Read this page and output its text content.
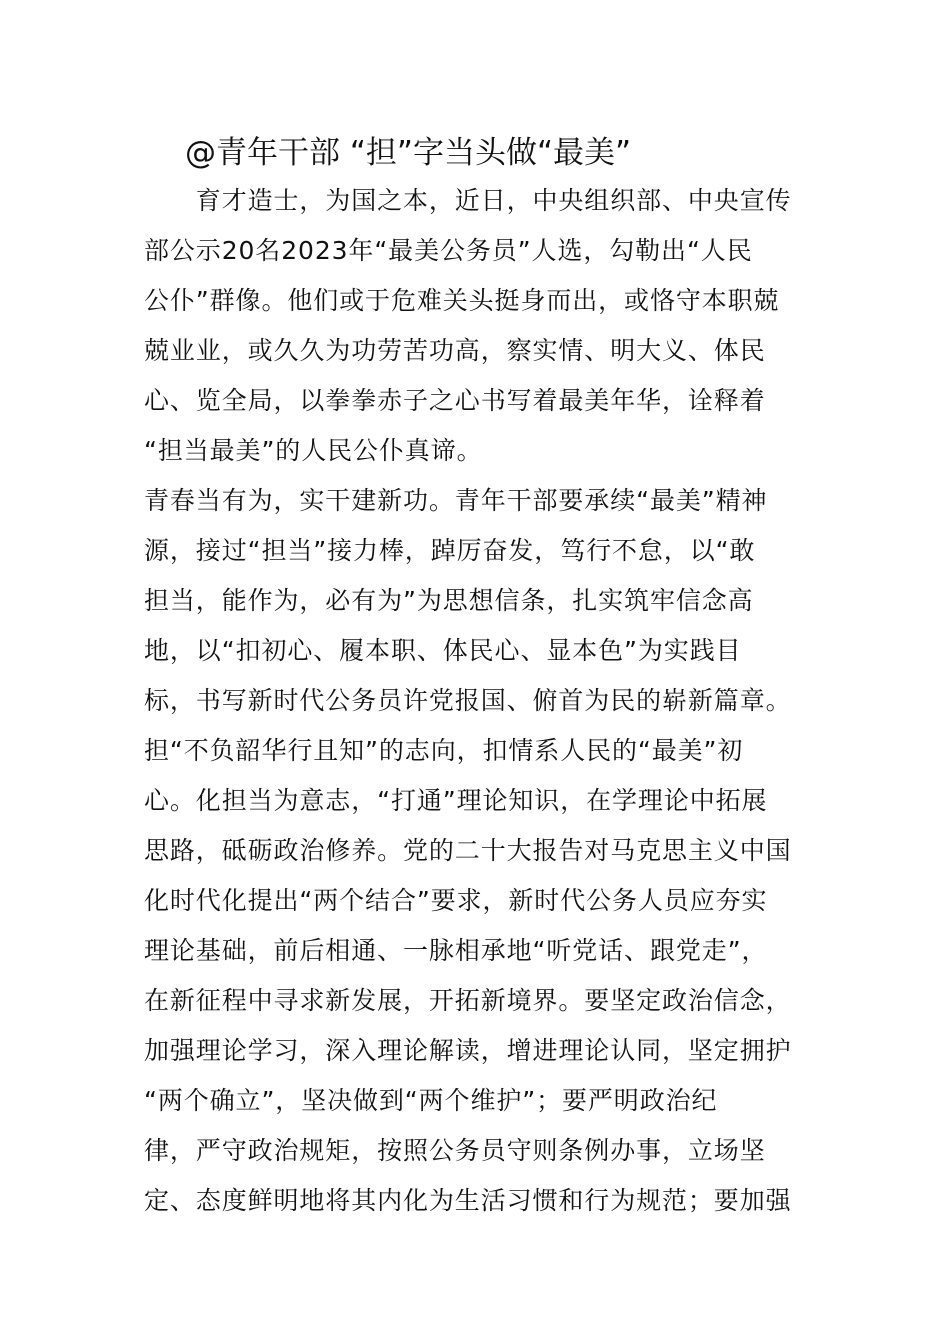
@青年干部 “担”字当头做“最美”
　　育才造士，为国之本，近日，中央组织部、中央宣传
部公示20名2023年“最美公务员”人选，勾勒出“人民
公仆”群像。他们或于危难关头挺身而出，或恪守本职兢
兢业业，或久久为功劳苦功高，察实情、明大义、体民
心、览全局，以拳拳赤子之心书写着最美年华，诠释着
“担当最美”的人民公仆真谛。
青春当有为，实干建新功。青年干部要承续“最美”精神
源，接过“担当”接力棒，踔厉奋发，笃行不怠，以“敢
担当，能作为，必有为”为思想信条，扎实筑牢信念高
地，以“扣初心、履本职、体民心、显本色”为实践目
标，书写新时代公务员许党报国、俯首为民的崭新篇章。
担“不负韶华行且知”的志向，扣情系人民的“最美”初
心。化担当为意志，“打通”理论知识，在学理论中拓展
思路，砥砺政治修养。党的二十大报告对马克思主义中国
化时代化提出“两个结合”要求，新时代公务人员应夯实
理论基础，前后相通、一脉相承地“听党话、跟党走”，
在新征程中寻求新发展，开拓新境界。要坚定政治信念，
加强理论学习，深入理论解读，增进理论认同，坚定拥护
“两个确立”，坚决做到“两个维护”；要严明政治纪
律，严守政治规矩，按照公务员守则条例办事，立场坚
定、态度鲜明地将其内化为生活习惯和行为规范；要加强
